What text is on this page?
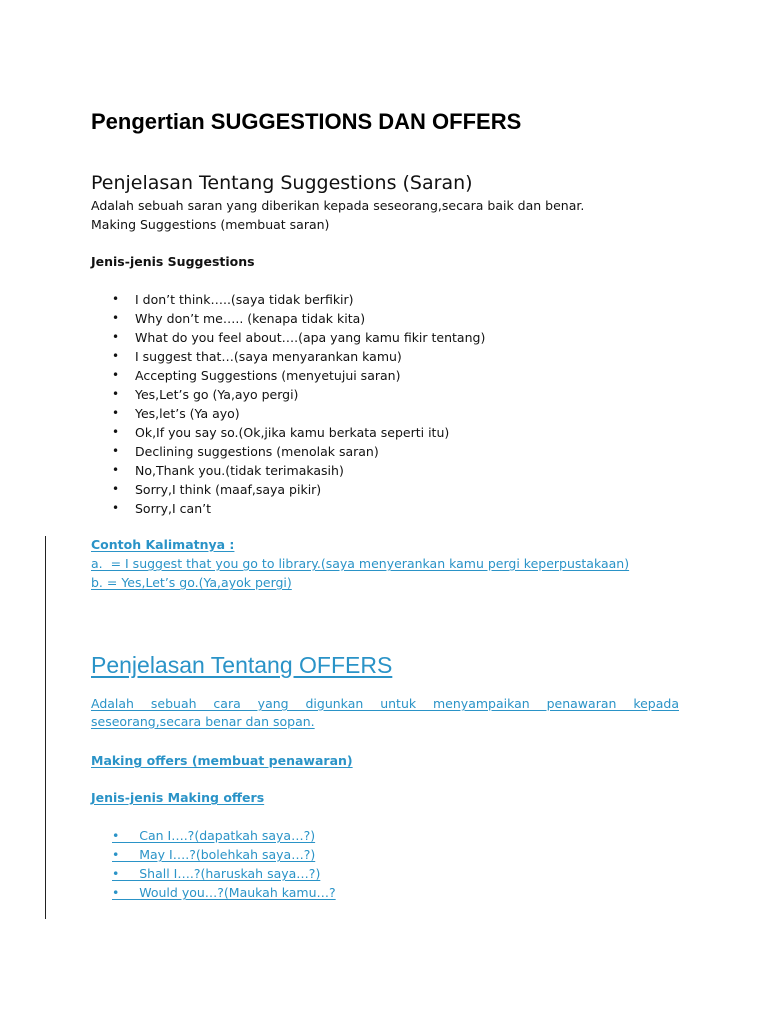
Pengertian SUGGESTIONS DAN OFFERS
Penjelasan Tentang Suggestions (Saran)

Adalah sebuah saran yang diberikan kepada seseorang,secara baik dan benar.

Making Suggestions (membuat saran)

Jenis-jenis Suggestions

• I don’t think…..(saya tidak berfikir)
• Why don’t me….. (kenapa tidak kita)
• What do you feel about….(apa yang kamu fikir tentang)
• I suggest that…(saya menyarankan kamu)
• Accepting Suggestions (menyetujui saran)
• Yes,Let’s go (Ya,ayo pergi)
• Yes,let’s (Ya ayo)
• Ok,If you say so.(Ok,jika kamu berkata seperti itu)
• Declining suggestions (menolak saran)
• No,Thank you.(tidak terimakasih)
• Sorry,I think (maaf,saya pikir)
• Sorry,I can’t

Contoh Kalimatnya :

a.  = I suggest that you go to library.(saya menyerankan kamu pergi keperpustakaan)

b. = Yes,Let’s go.(Ya,ayok pergi)

Penjelasan Tentang OFFERS

Adalah sebuah cara yang digunkan untuk menyampaikan penawaran kepada seseorang,secara benar dan sopan.

Making offers (membuat penawaran)

Jenis-jenis Making offers

•     Can I….?(dapatkah saya…?)
•     May I….?(bolehkah saya…?)
•     Shall I….?(haruskah saya…?)
•     Would you…?(Maukah kamu…?
